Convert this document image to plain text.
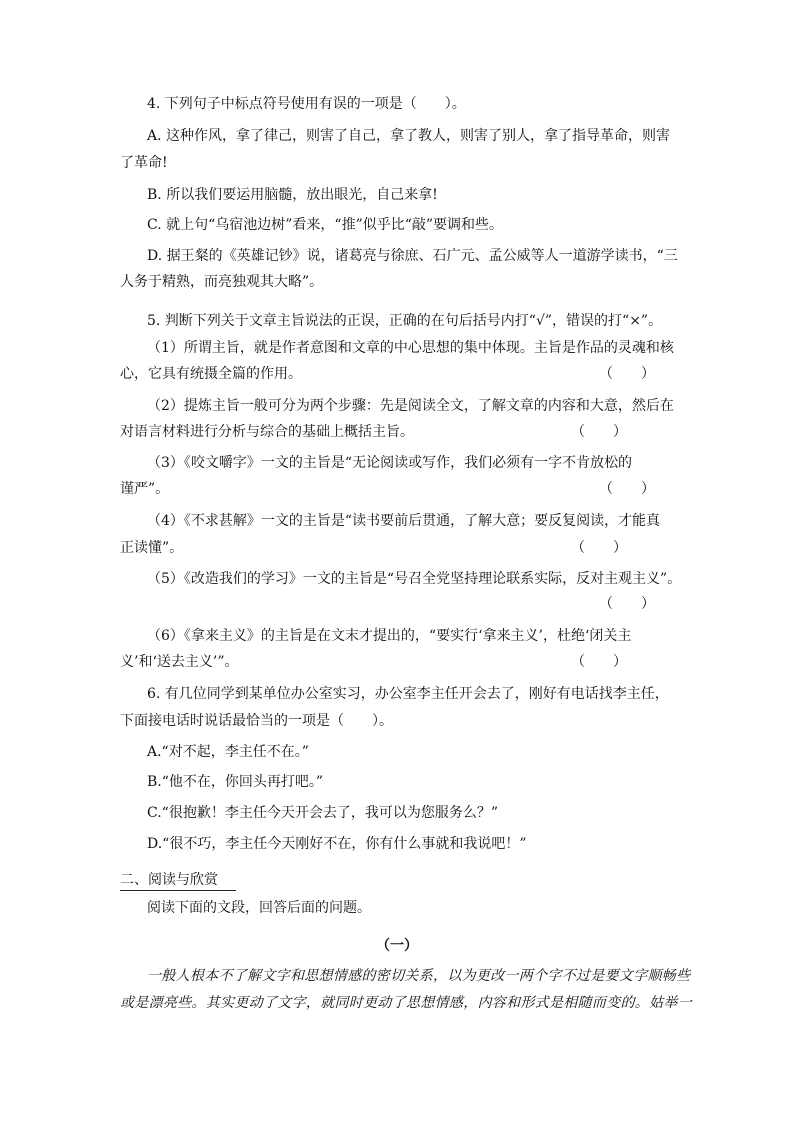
4. 下列句子中标点符号使用有误的一项是（　　）。
A. 这种作风，拿了律己，则害了自己，拿了教人，则害了别人，拿了指导革命，则害
了革命!
B. 所以我们要运用脑髓，放出眼光，自己来拿!
C. 就上句“乌宿池边树”看来，“推”似乎比“敲”要调和些。
D. 据王粲的《英雄记钞》说，诸葛亮与徐庶、石广元、孟公威等人一道游学读书，“三
人务于精熟，而亮独观其大略”。
5. 判断下列关于文章主旨说法的正误，正确的在句后括号内打“√”，错误的打“×”。
（1）所谓主旨，就是作者意图和文章的中心思想的集中体现。主旨是作品的灵魂和核
心，它具有统摄全篇的作用。	（　　）
（2）提炼主旨一般可分为两个步骤：先是阅读全文，了解文章的内容和大意，然后在
对语言材料进行分析与综合的基础上概括主旨。	（　　）
（3）《咬文嚼字》一文的主旨是“无论阅读或写作，我们必须有一字不肯放松的
谨严”。	（　　）
（4）《不求甚解》一文的主旨是“读书要前后贯通，了解大意；要反复阅读，才能真
正读懂”。	（　　）
（5）《改造我们的学习》一文的主旨是“号召全党坚持理论联系实际，反对主观主义”。
（　　）
（6）《拿来主义》的主旨是在文末才提出的，“要实行‘拿来主义’，杜绝‘闭关主
义’和‘送去主义’”。	（　　）
6. 有几位同学到某单位办公室实习，办公室李主任开会去了，刚好有电话找李主任，
下面接电话时说话最恰当的一项是（　　）。
A.“对不起，李主任不在。”
B.“他不在，你回头再打吧。”
C.“很抱歉！李主任今天开会去了，我可以为您服务么？”
D.“很不巧，李主任今天刚好不在，你有什么事就和我说吧！”
二、阅读与欣赏
阅读下面的文段，回答后面的问题。
（一）
一般人根本不了解文字和思想情感的密切关系，以为更改一两个字不过是要文字顺畅些
或是漂亮些。其实更动了文字，就同时更动了思想情感，内容和形式是相随而变的。姑举一
